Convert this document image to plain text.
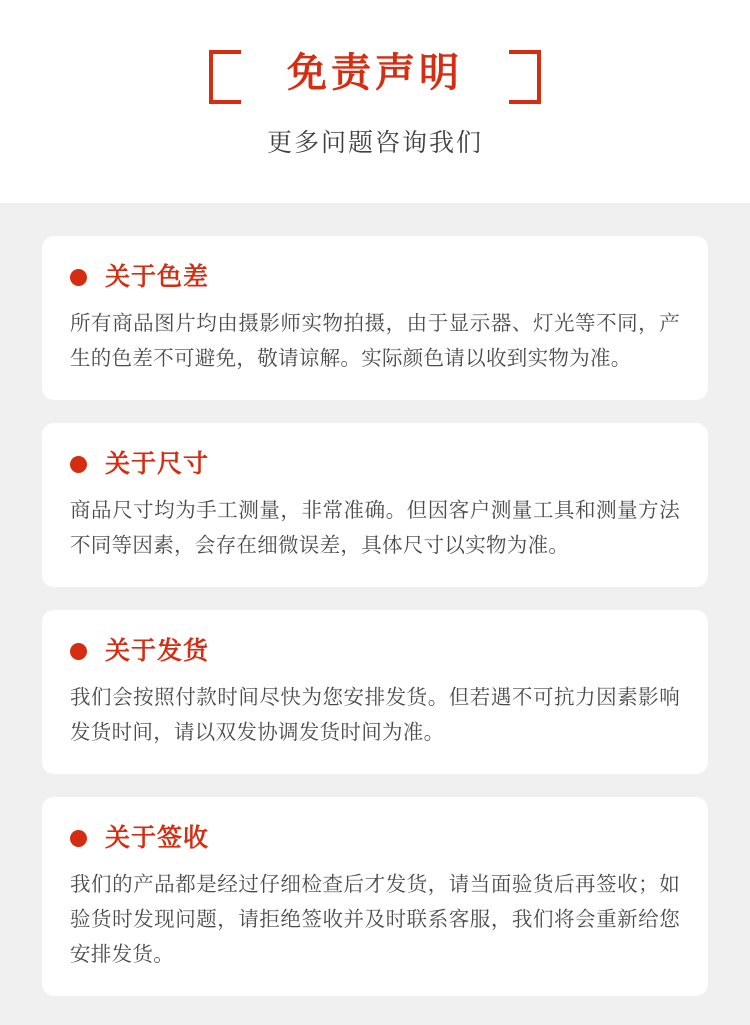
免责声明

更多问题咨询我们

关于色差
所有商品图片均由摄影师实物拍摄，由于显示器、灯光等不同，产生的色差不可避免，敬请谅解。实际颜色请以收到实物为准。
关于尺寸
商品尺寸均为手工测量，非常准确。但因客户测量工具和测量方法不同等因素，会存在细微误差，具体尺寸以实物为准。
关于发货
我们会按照付款时间尽快为您安排发货。但若遇不可抗力因素影响发货时间，请以双发协调发货时间为准。
关于签收
我们的产品都是经过仔细检查后才发货，请当面验货后再签收；如验货时发现问题，请拒绝签收并及时联系客服，我们将会重新给您安排发货。
